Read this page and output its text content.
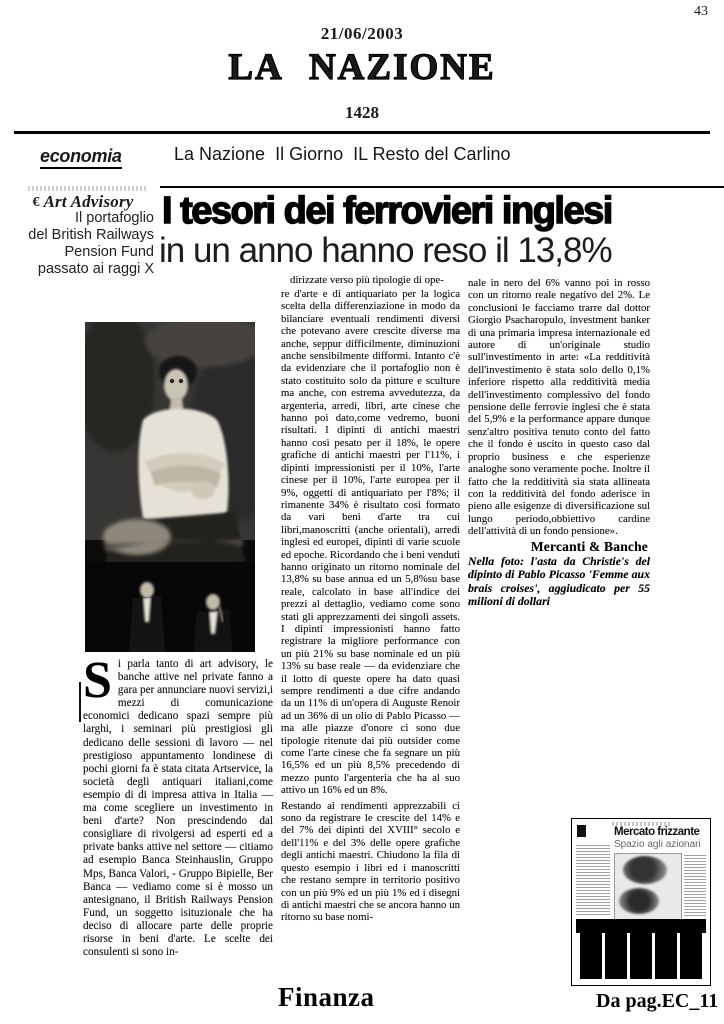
43
21/06/2003
LA NAZIONE
1428
economia	La Nazione  Il Giorno  IL Resto del Carlino
€ Art Advisory
Il portafoglio
del British Railways
Pension Fund
passato ai raggi X
I tesori dei ferrovieri inglesi
in un anno hanno reso il 13,8%

Si parla tanto di art advisory, le banche attive nel private fanno a gara per annunciare nuovi servizi,i mezzi di comunicazione economici dedicano spazi sempre più larghi, i seminari più prestigiosi gli dedicano delle sessioni di lavoro — nel prestigioso appuntamento londinese di pochi giorni fa è stata citata Artservice, la società degli antiquari italiani,come esempio di di impresa attiva in Italia — ma come scegliere un investimento in beni d'arte? Non prescindendo dal consigliare di rivolgersi ad esperti ed a private banks attive nel settore — citiamo ad esempio Banca Steinhauslin, Gruppo Mps, Banca Valori, - Gruppo Bipielle, Ber Banca — vediamo come si è mosso un antesignano, il British Railways Pension Fund, un soggetto isituzionale che ha deciso di allocare parte delle proprie risorse in beni d'arte. Le scelte dei consulenti si sono in-

dirizzate verso più tipologie di ope-

re d'arte e di antiquariato per la logica scelta della differenziazione in modo da bilanciare eventuali rendimenti diversi che potevano avere crescite diverse ma anche, seppur difficilmente, diminuzioni anche sensibilmente difformi. Intanto c'è da evidenziare che il portafoglio non è stato costituito solo da pitture e sculture ma anche, con estrema avvedutezza, da argenteria, arredi, libri, arte cinese che hanno poi dato,come vedremo, buoni risultati. I dipinti di antichi maestri hanno così pesato per il 18%, le opere grafiche di antichi maestri per l'11%, i dipinti impressionisti per il 10%, l'arte cinese per il 10%, l'arte europea per il 9%, oggetti di antiquariato per l'8%; il rimanente 34% è risultato così formato da vari beni d'arte tra cui libri,manoscritti (anche orientali), arredi inglesi ed europei, dipinti di varie scuole ed epoche. Ricordando che i beni venduti hanno originato un ritorno nominale del 13,8% su base annua ed un 5,8%su base reale, calcolato in base all'indice dei prezzi al dettaglio, vediamo come sono stati gli apprezzamenti dei singoli assets. I dipinti impressionisti hanno fatto registrare la migliore performance con un più 21% su base nominale ed un più 13% su base reale — da evidenziare che il lotto di queste opere ha dato quasi sempre rendimenti a due cifre andando da un 11% di un'opera di Auguste Renoir ad un 36% di un olio di Pablo Picasso — ma alle piazze d'onore ci sono due tipologie ritenute dai più outsider come come l'arte cinese che fa segnare un più 16,5% ed un più 8,5% precedendo di mezzo punto l'argenteria che ha al suo attivo un 16% ed un 8%.

Restando ai rendimenti apprezzabili ci sono da registrare le crescite del 14% e del 7% dei dipinti del XVIII° secolo e dell'11% e del 3% delle opere grafiche degli antichi maestri. Chiudono la fila di questo esempio i libri ed i manoscritti che restano sempre in territorio positivo con un più 9% ed un più 1% ed i disegni di antichi maestri che se ancora hanno un ritorno su base nomi-

nale in nero del 6% vanno poi in rosso con un ritorno reale negativo del 2%. Le conclusioni le facciamo trarre dal dottor Giorgio Psacharopulo, investment banker di una primaria impresa internazionale ed autore di un'originale studio sull'investimento in arte: «La redditività dell'investimento è stata solo dello 0,1% inferiore rispetto alla redditività media dell'investimento complessivo del fondo pensione delle ferrovie inglesi che è stata del 5,9% e la performance appare dunque senz'altro positiva tenuto conto del fatto che il fondo è uscito in questo caso dal proprio business e che esperienze analoghe sono veramente poche. Inoltre il fatto che la redditività sia stata allineata con la redditività del fondo aderisce in pieno alle esigenze di diversificazione sul lungo periodo,obbiettivo cardine dell'attività di un fondo pensione».

Mercanti & Banche
Nella foto: l'asta da Christie's del dipinto di Pablo Picasso 'Femme aux brais croises', aggiudicato per 55 milioni di dollari
Finanza	Da pag.EC_11
Mercato frizzante
Spazio agli azionari
